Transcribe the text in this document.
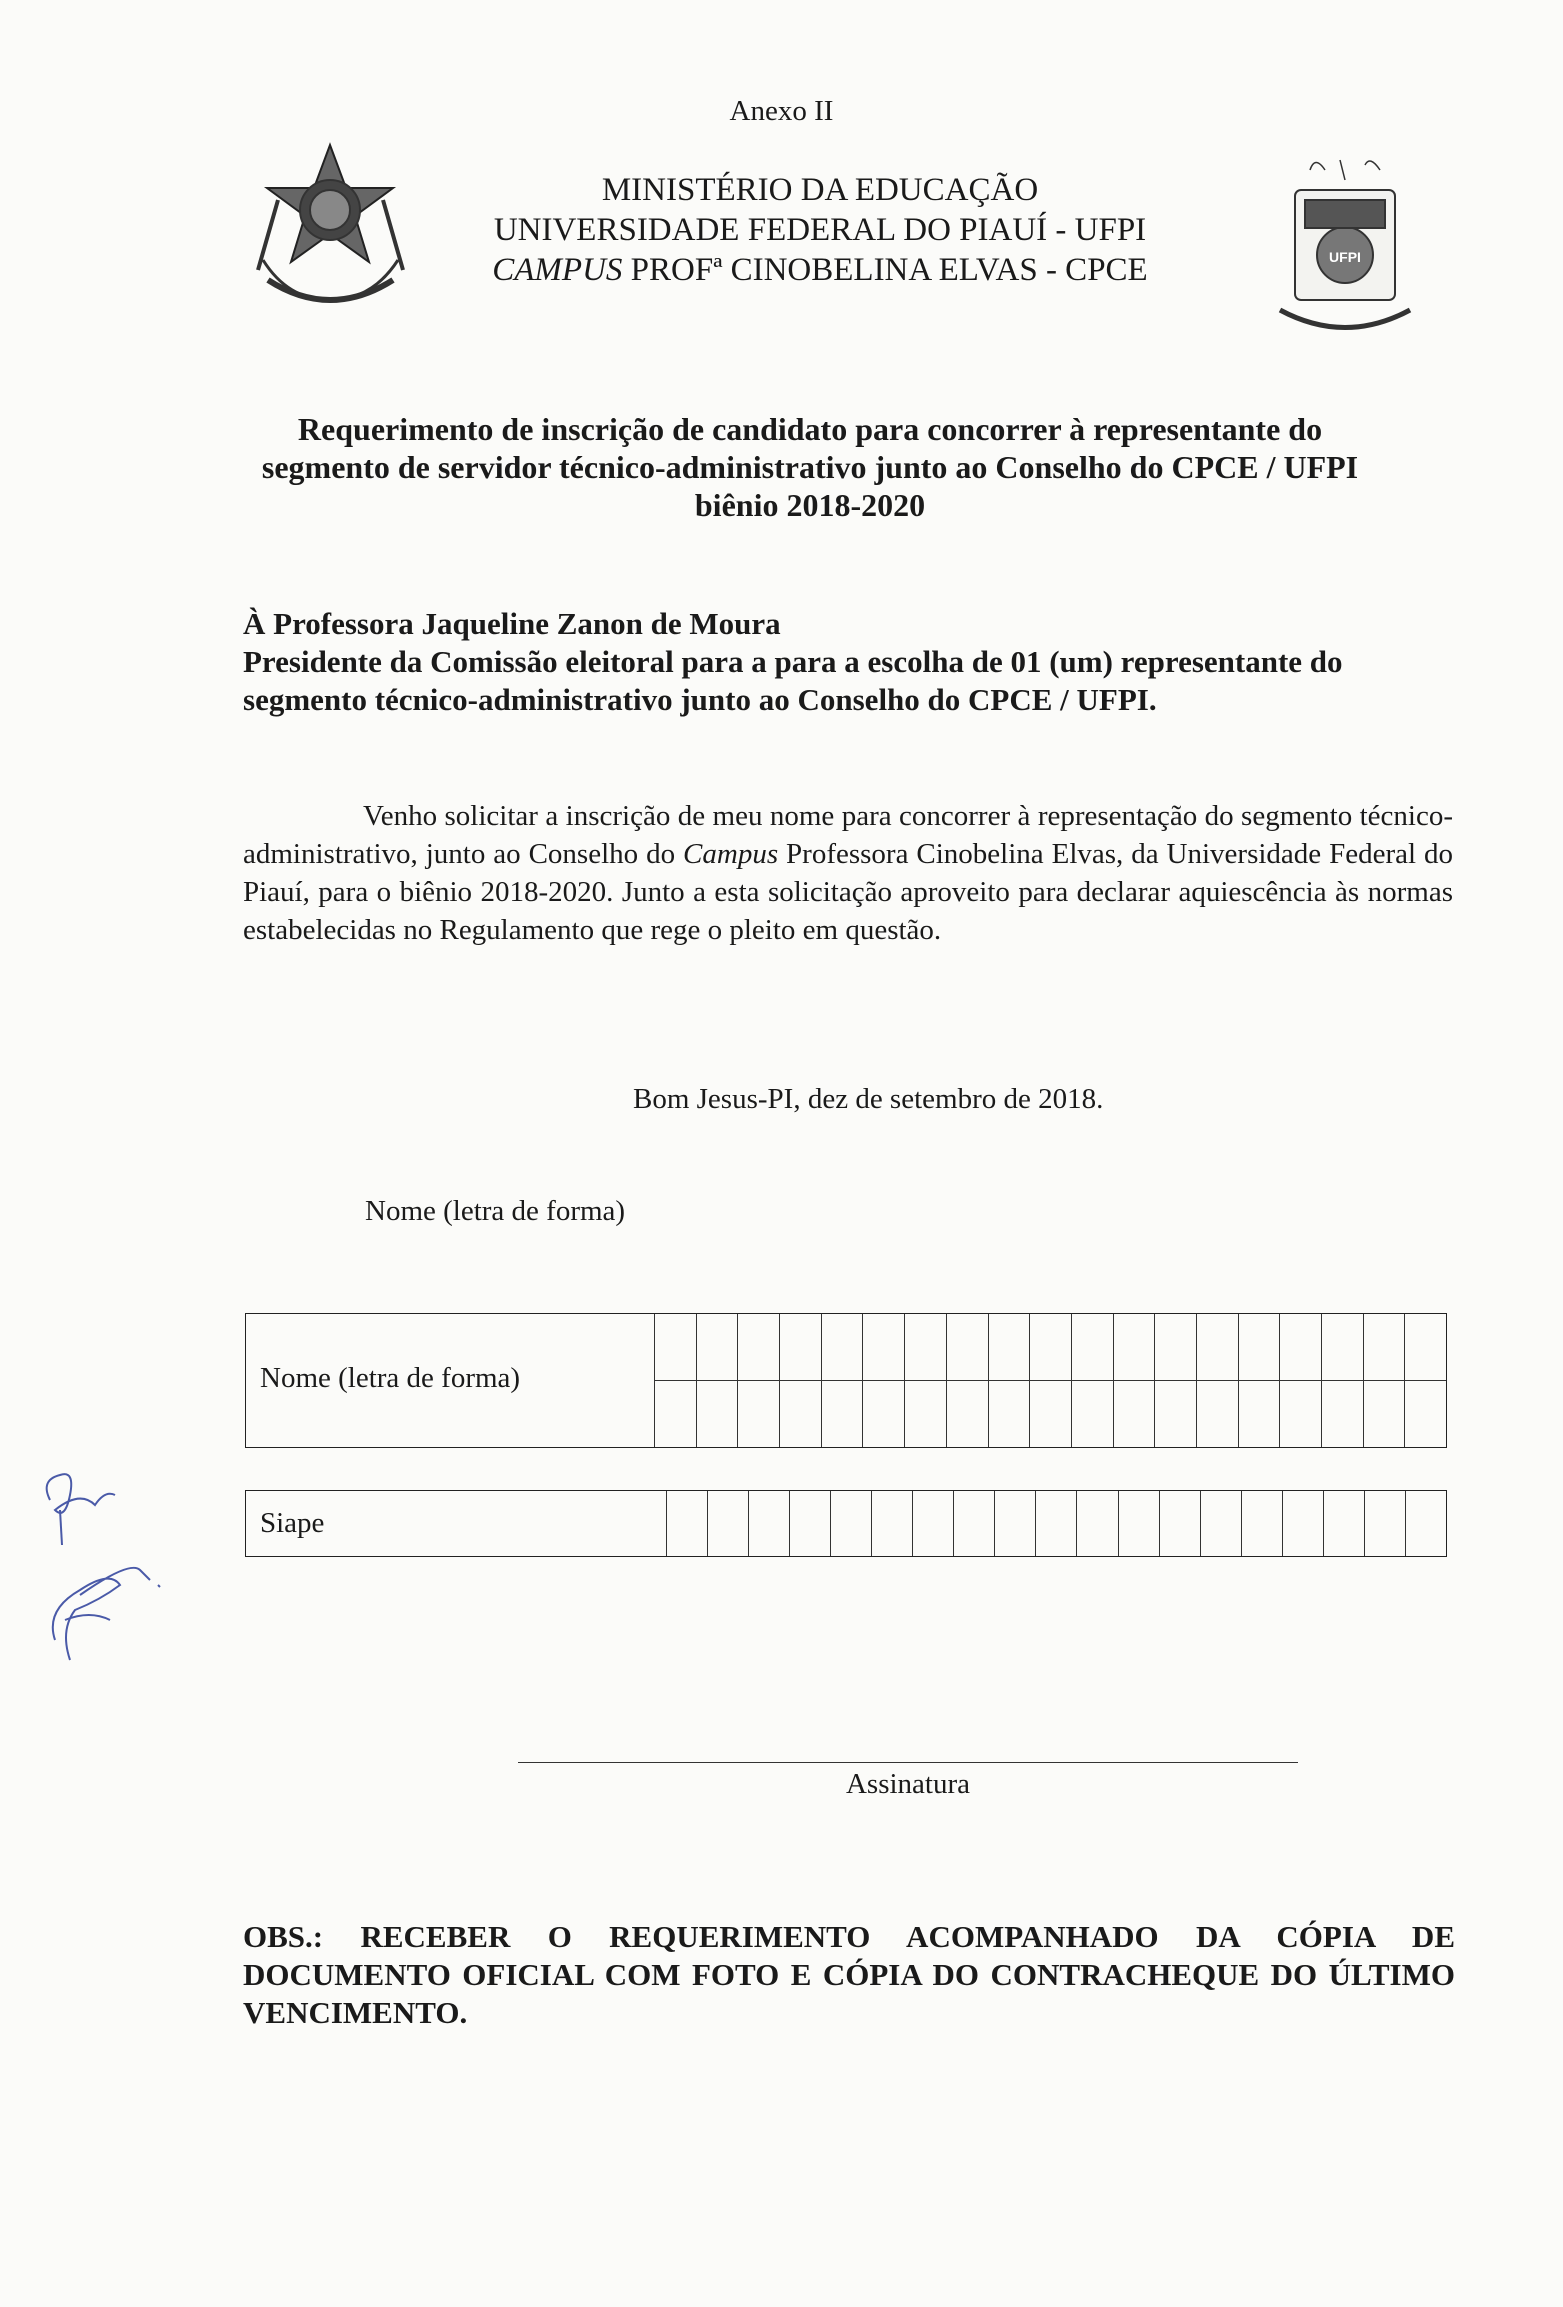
Anexo II
MINISTÉRIO DA EDUCAÇÃO
UNIVERSIDADE FEDERAL DO PIAUÍ - UFPI
CAMPUS PROFª CINOBELINA ELVAS - CPCE	UFPI
Requerimento de inscrição de candidato para concorrer à representante do
segmento de servidor técnico-administrativo junto ao Conselho do CPCE / UFPI
biênio 2018-2020
À Professora Jaqueline Zanon de Moura
Presidente da Comissão eleitoral para a para a escolha de 01 (um) representante do
segmento técnico-administrativo junto ao Conselho do CPCE / UFPI.
Venho solicitar a inscrição de meu nome para concorrer à representação do segmento técnico-administrativo, junto ao Conselho do Campus Professora Cinobelina Elvas, da Universidade Federal do Piauí, para o biênio 2018-2020. Junto a esta solicitação aproveito para declarar aquiescência às normas estabelecidas no Regulamento que rege o pleito em questão.
Bom Jesus-PI, dez de setembro de 2018.
Nome (letra de forma)
Nome (letra de forma)
Siape
Assinatura
OBS.: RECEBER O REQUERIMENTO ACOMPANHADO DA CÓPIA DE DOCUMENTO OFICIAL COM FOTO E CÓPIA DO CONTRACHEQUE DO ÚLTIMO VENCIMENTO.
